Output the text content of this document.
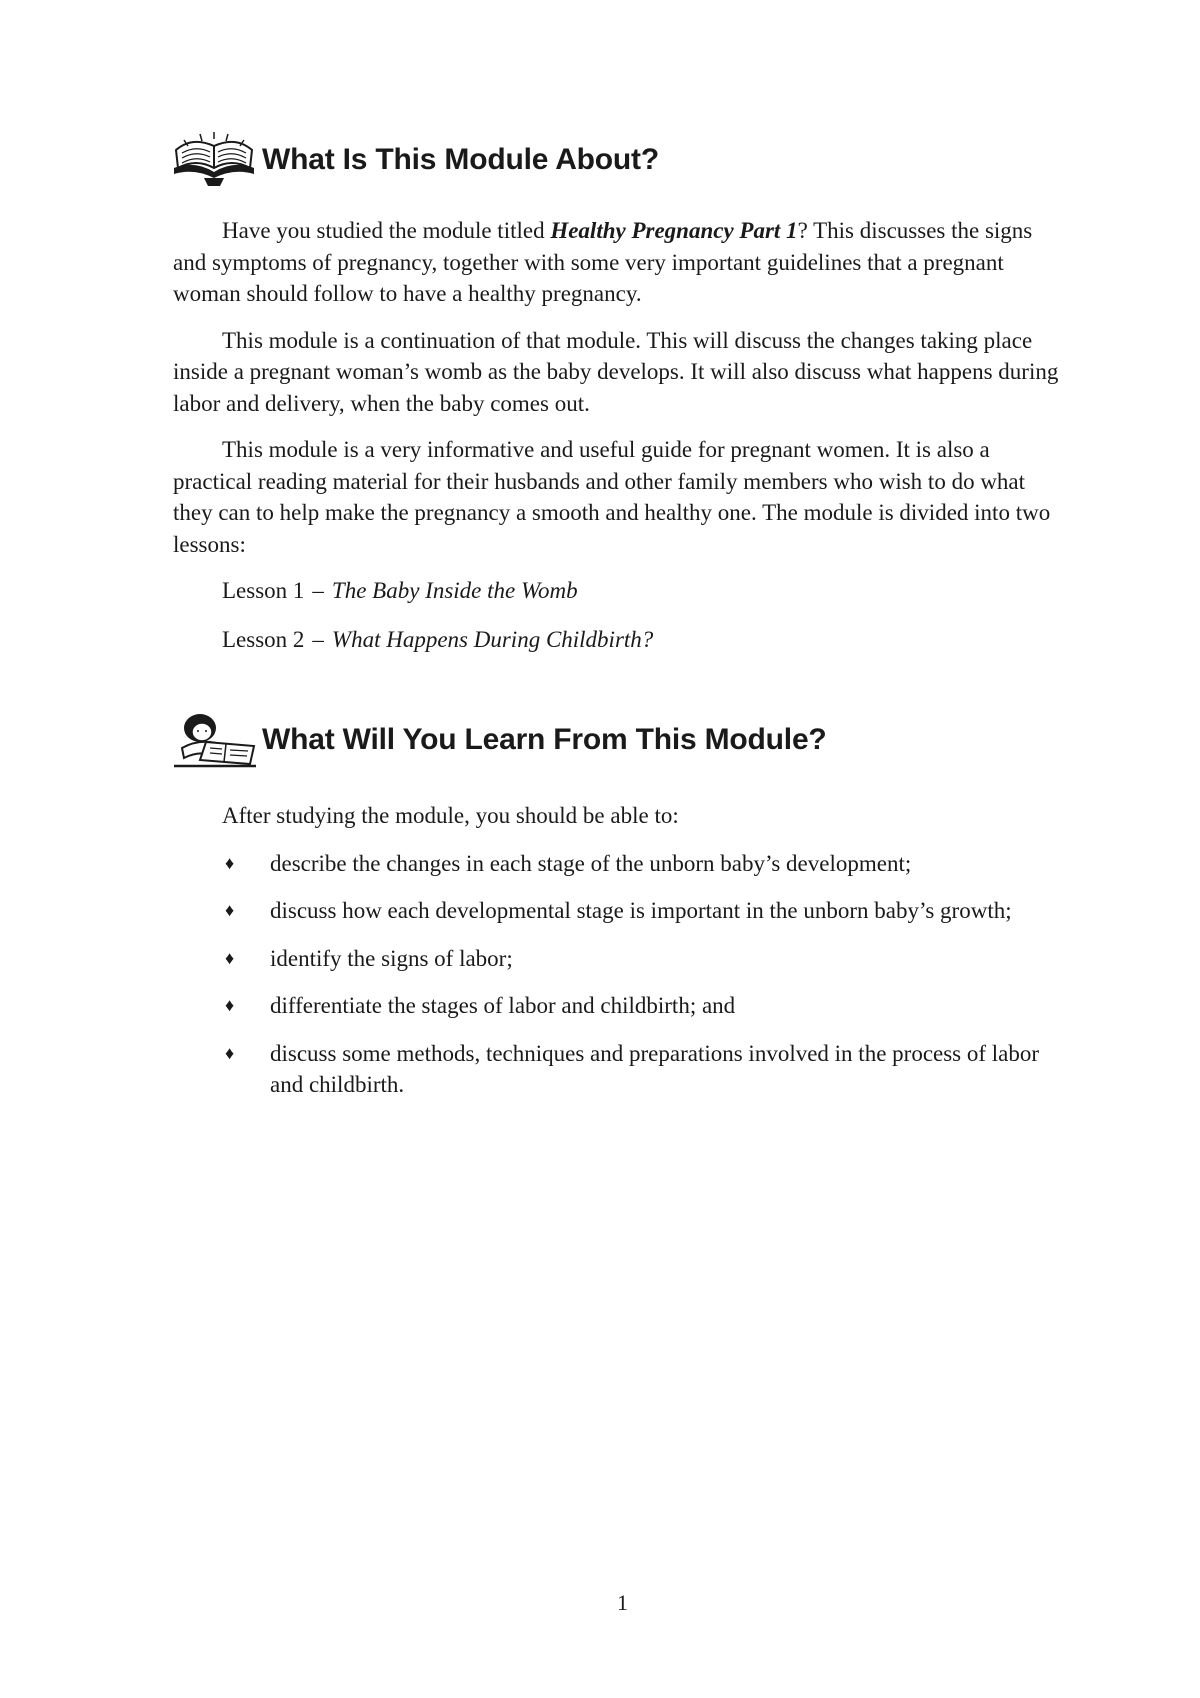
What Is This Module About?

Have you studied the module titled Healthy Pregnancy Part 1? This discusses the signs and symptoms of pregnancy, together with some very important guidelines that a pregnant woman should follow to have a healthy pregnancy.

This module is a continuation of that module. This will discuss the changes taking place inside a pregnant woman’s womb as the baby develops. It will also discuss what happens during labor and delivery, when the baby comes out.

This module is a very informative and useful guide for pregnant women. It is also a practical reading material for their husbands and other family members who wish to do what they can to help make the pregnancy a smooth and healthy one. The module is divided into two lessons:

Lesson 1 – The Baby Inside the Womb
Lesson 2 – What Happens During Childbirth?
What Will You Learn From This Module?

After studying the module, you should be able to:

♦ describe the changes in each stage of the unborn baby’s development;
♦ discuss how each developmental stage is important in the unborn baby’s growth;
♦ identify the signs of labor;
♦ differentiate the stages of labor and childbirth; and
♦ discuss some methods, techniques and preparations involved in the process of labor and childbirth.
1
